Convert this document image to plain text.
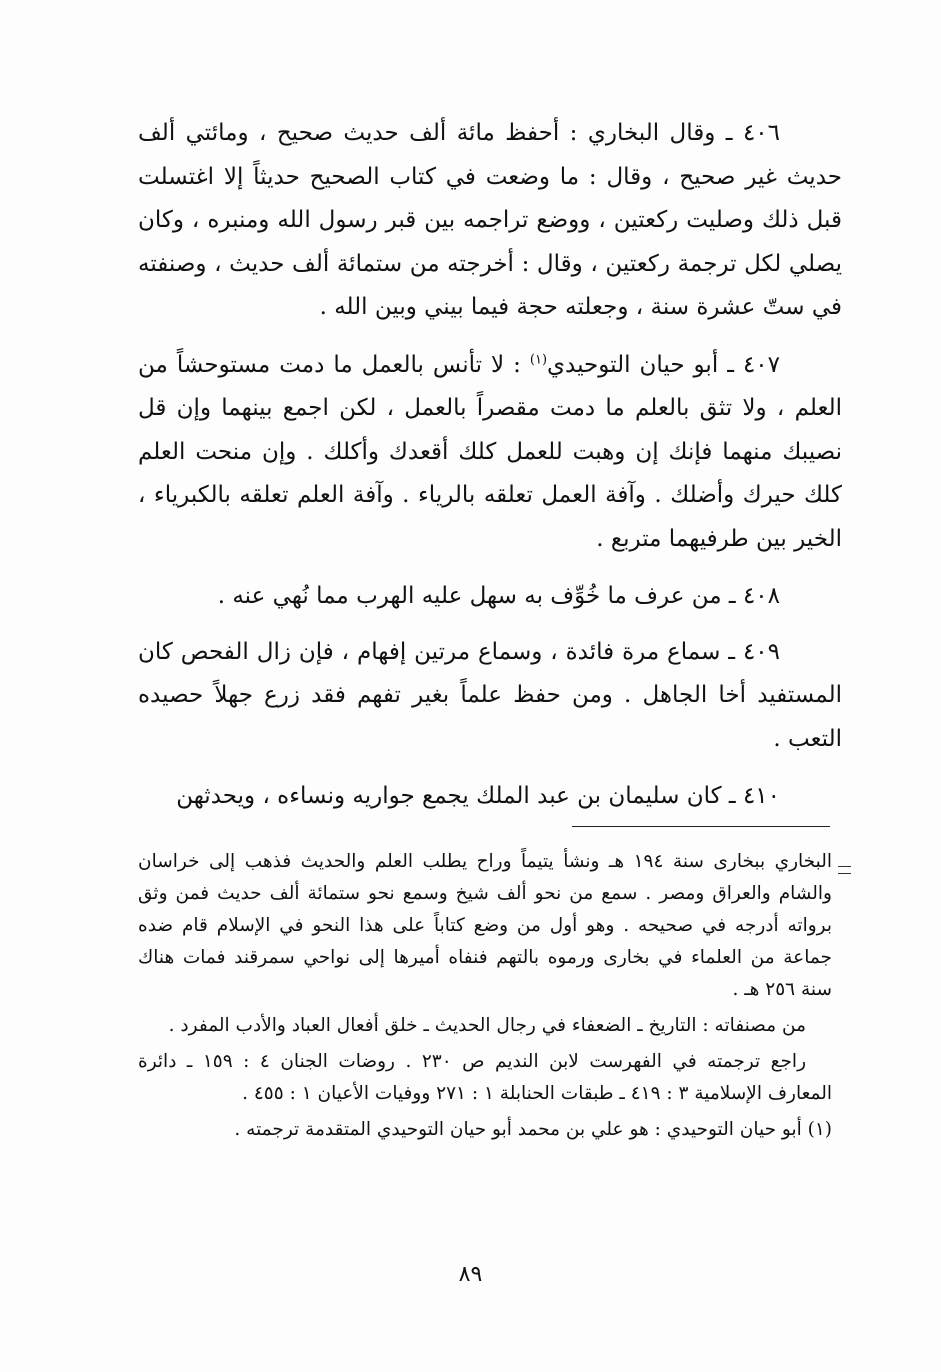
٤٠٦ ـ وقال البخاري : أحفظ مائة ألف حديث صحيح ، ومائتي ألف حديث غير صحيح ، وقال : ما وضعت في كتاب الصحيح حديثاً إلا اغتسلت قبل ذلك وصليت ركعتين ، ووضع تراجمه بين قبر رسول الله ومنبره ، وكان يصلي لكل ترجمة ركعتين ، وقال : أخرجته من ستمائة ألف حديث ، وصنفته في ستّ عشرة سنة ، وجعلته حجة فيما بيني وبين الله .

٤٠٧ ـ أبو حيان التوحيدي$^{(١)}$ : لا تأنس بالعمل ما دمت مستوحشاً من العلم ، ولا تثق بالعلم ما دمت مقصراً بالعمل ، لكن اجمع بينهما وإن قل نصيبك منهما فإنك إن وهبت للعمل كلك أقعدك وأكلك . وإن منحت العلم كلك حيرك وأضلك . وآفة العمل تعلقه بالرياء . وآفة العلم تعلقه بالكبرياء ، الخير بين طرفيهما متربع .

٤٠٨ ـ من عرف ما خُوِّف به سهل عليه الهرب مما نُهي عنه .

٤٠٩ ـ سماع مرة فائدة ، وسماع مرتين إفهام ، فإن زال الفحص كان المستفيد أخا الجاهل . ومن حفظ علماً بغير تفهم فقد زرع جهلاً حصيده التعب .

٤١٠ ـ كان سليمان بن عبد الملك يجمع جواريه ونساءه ، ويحدثهن

البخاري ببخارى سنة ١٩٤ هـ ونشأ يتيماً وراح يطلب العلم والحديث فذهب إلى خراسان والشام والعراق ومصر . سمع من نحو ألف شيخ وسمع نحو ستمائة ألف حديث فمن وثق برواته أدرجه في صحيحه . وهو أول من وضع كتاباً على هذا النحو في الإسلام قام ضده جماعة من العلماء في بخارى ورموه بالتهم فنفاه أميرها إلى نواحي سمرقند فمات هناك سنة ٢٥٦ هـ .

من مصنفاته : التاريخ ـ الضعفاء في رجال الحديث ـ خلق أفعال العباد والأدب المفرد .

راجع ترجمته في الفهرست لابن النديم ص ٢٣٠ . روضات الجنان ٤ : ١٥٩ ـ دائرة المعارف الإسلامية ٣ : ٤١٩ ـ طبقات الحنابلة ١ : ٢٧١ ووفيات الأعيان ١ : ٤٥٥ .

(١) أبو حيان التوحيدي : هو علي بن محمد أبو حيان التوحيدي المتقدمة ترجمته .

٨٩
